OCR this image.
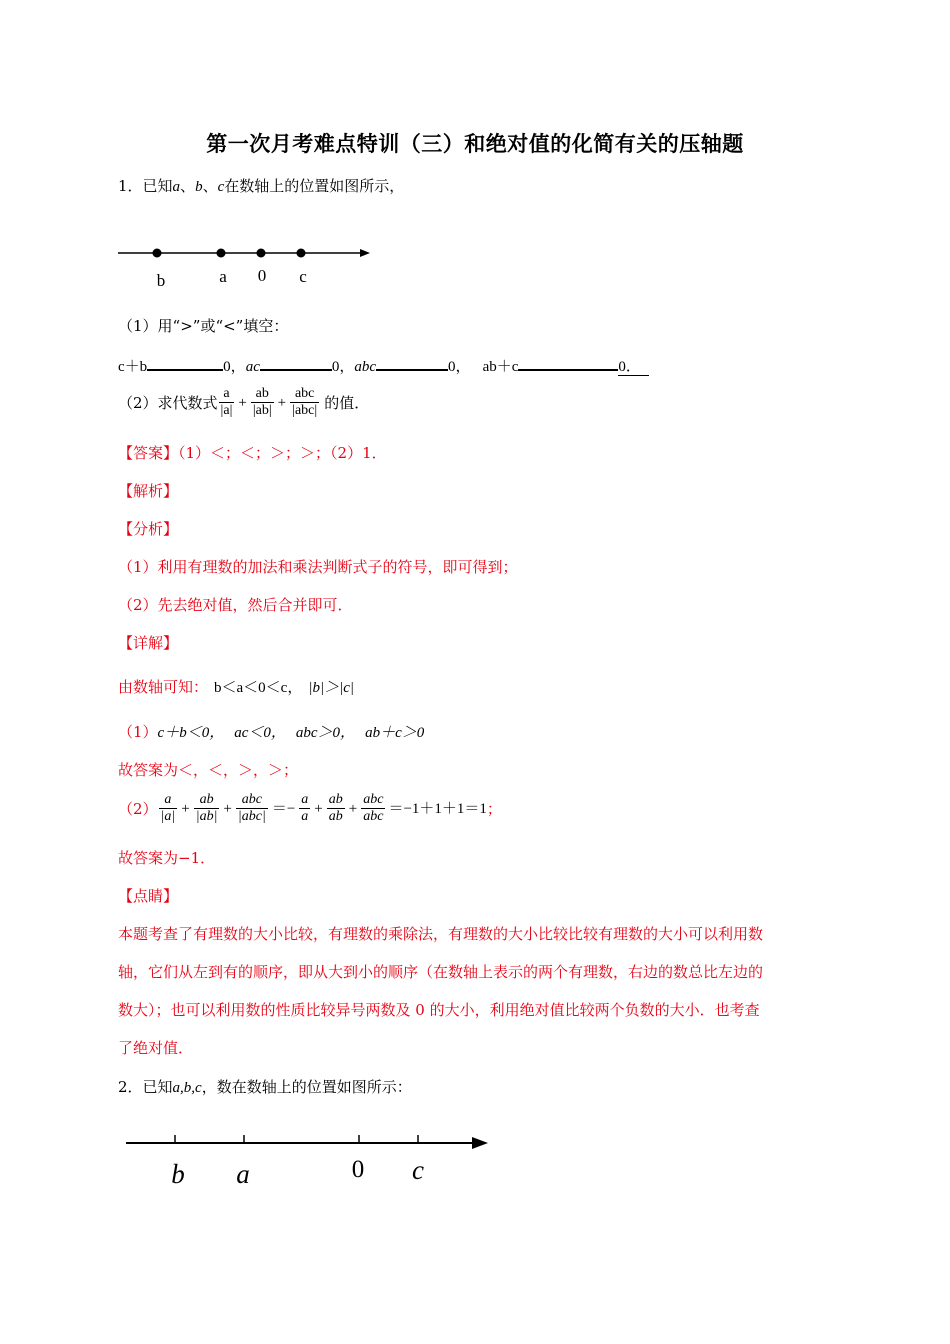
第一次月考难点特训（三）和绝对值的化简有关的压轴题
1．已知a、b、c在数轴上的位置如图所示，
b	a 0 c
（1）用“>”或“<”填空：
c＋b	0，ac	0，abc	0， ab＋c	0．
（2）求代数式 $\frac{a}{|a|} + \frac{ab}{|ab|} + \frac{\text{abc}}{\text{|abc|}}$ 的值．
【答案】（1）＜；＜；＞；＞；（2）1．
【解析】
【分析】
（1）利用有理数的加法和乘法判断式子的符号，即可得到；
（2）先去绝对值，然后合并即可．
【详解】
由数轴可知： b＜a＜0＜c， |b|＞|c|
（1）c＋b＜0， ac＜0， abc＞0， ab＋c＞0
故答案为＜，＜，＞，＞；
$(2) \frac{a}{|a|} + \frac{ab}{|ab|} + \frac{\text{abc}}{\text{|abc|}} =- \frac{a}{a} + \frac{ab}{ab} + \frac{\text{abc}}{\text{abc}} =-1+1+1=1$ ；
故答案为−1．
【点睛】
本题考查了有理数的大小比较，有理数的乘除法，有理数的大小比较比较有理数的大小可以利用数
轴，它们从左到有的顺序，即从大到小的顺序（在数轴上表示的两个有理数，右边的数总比左边的
数大）；也可以利用数的性质比较异号两数及 0 的大小，利用绝对值比较两个负数的大小．也考查
了绝对值．
2．已知a,b,c，数在数轴上的位置如图所示：
b a	0 c
